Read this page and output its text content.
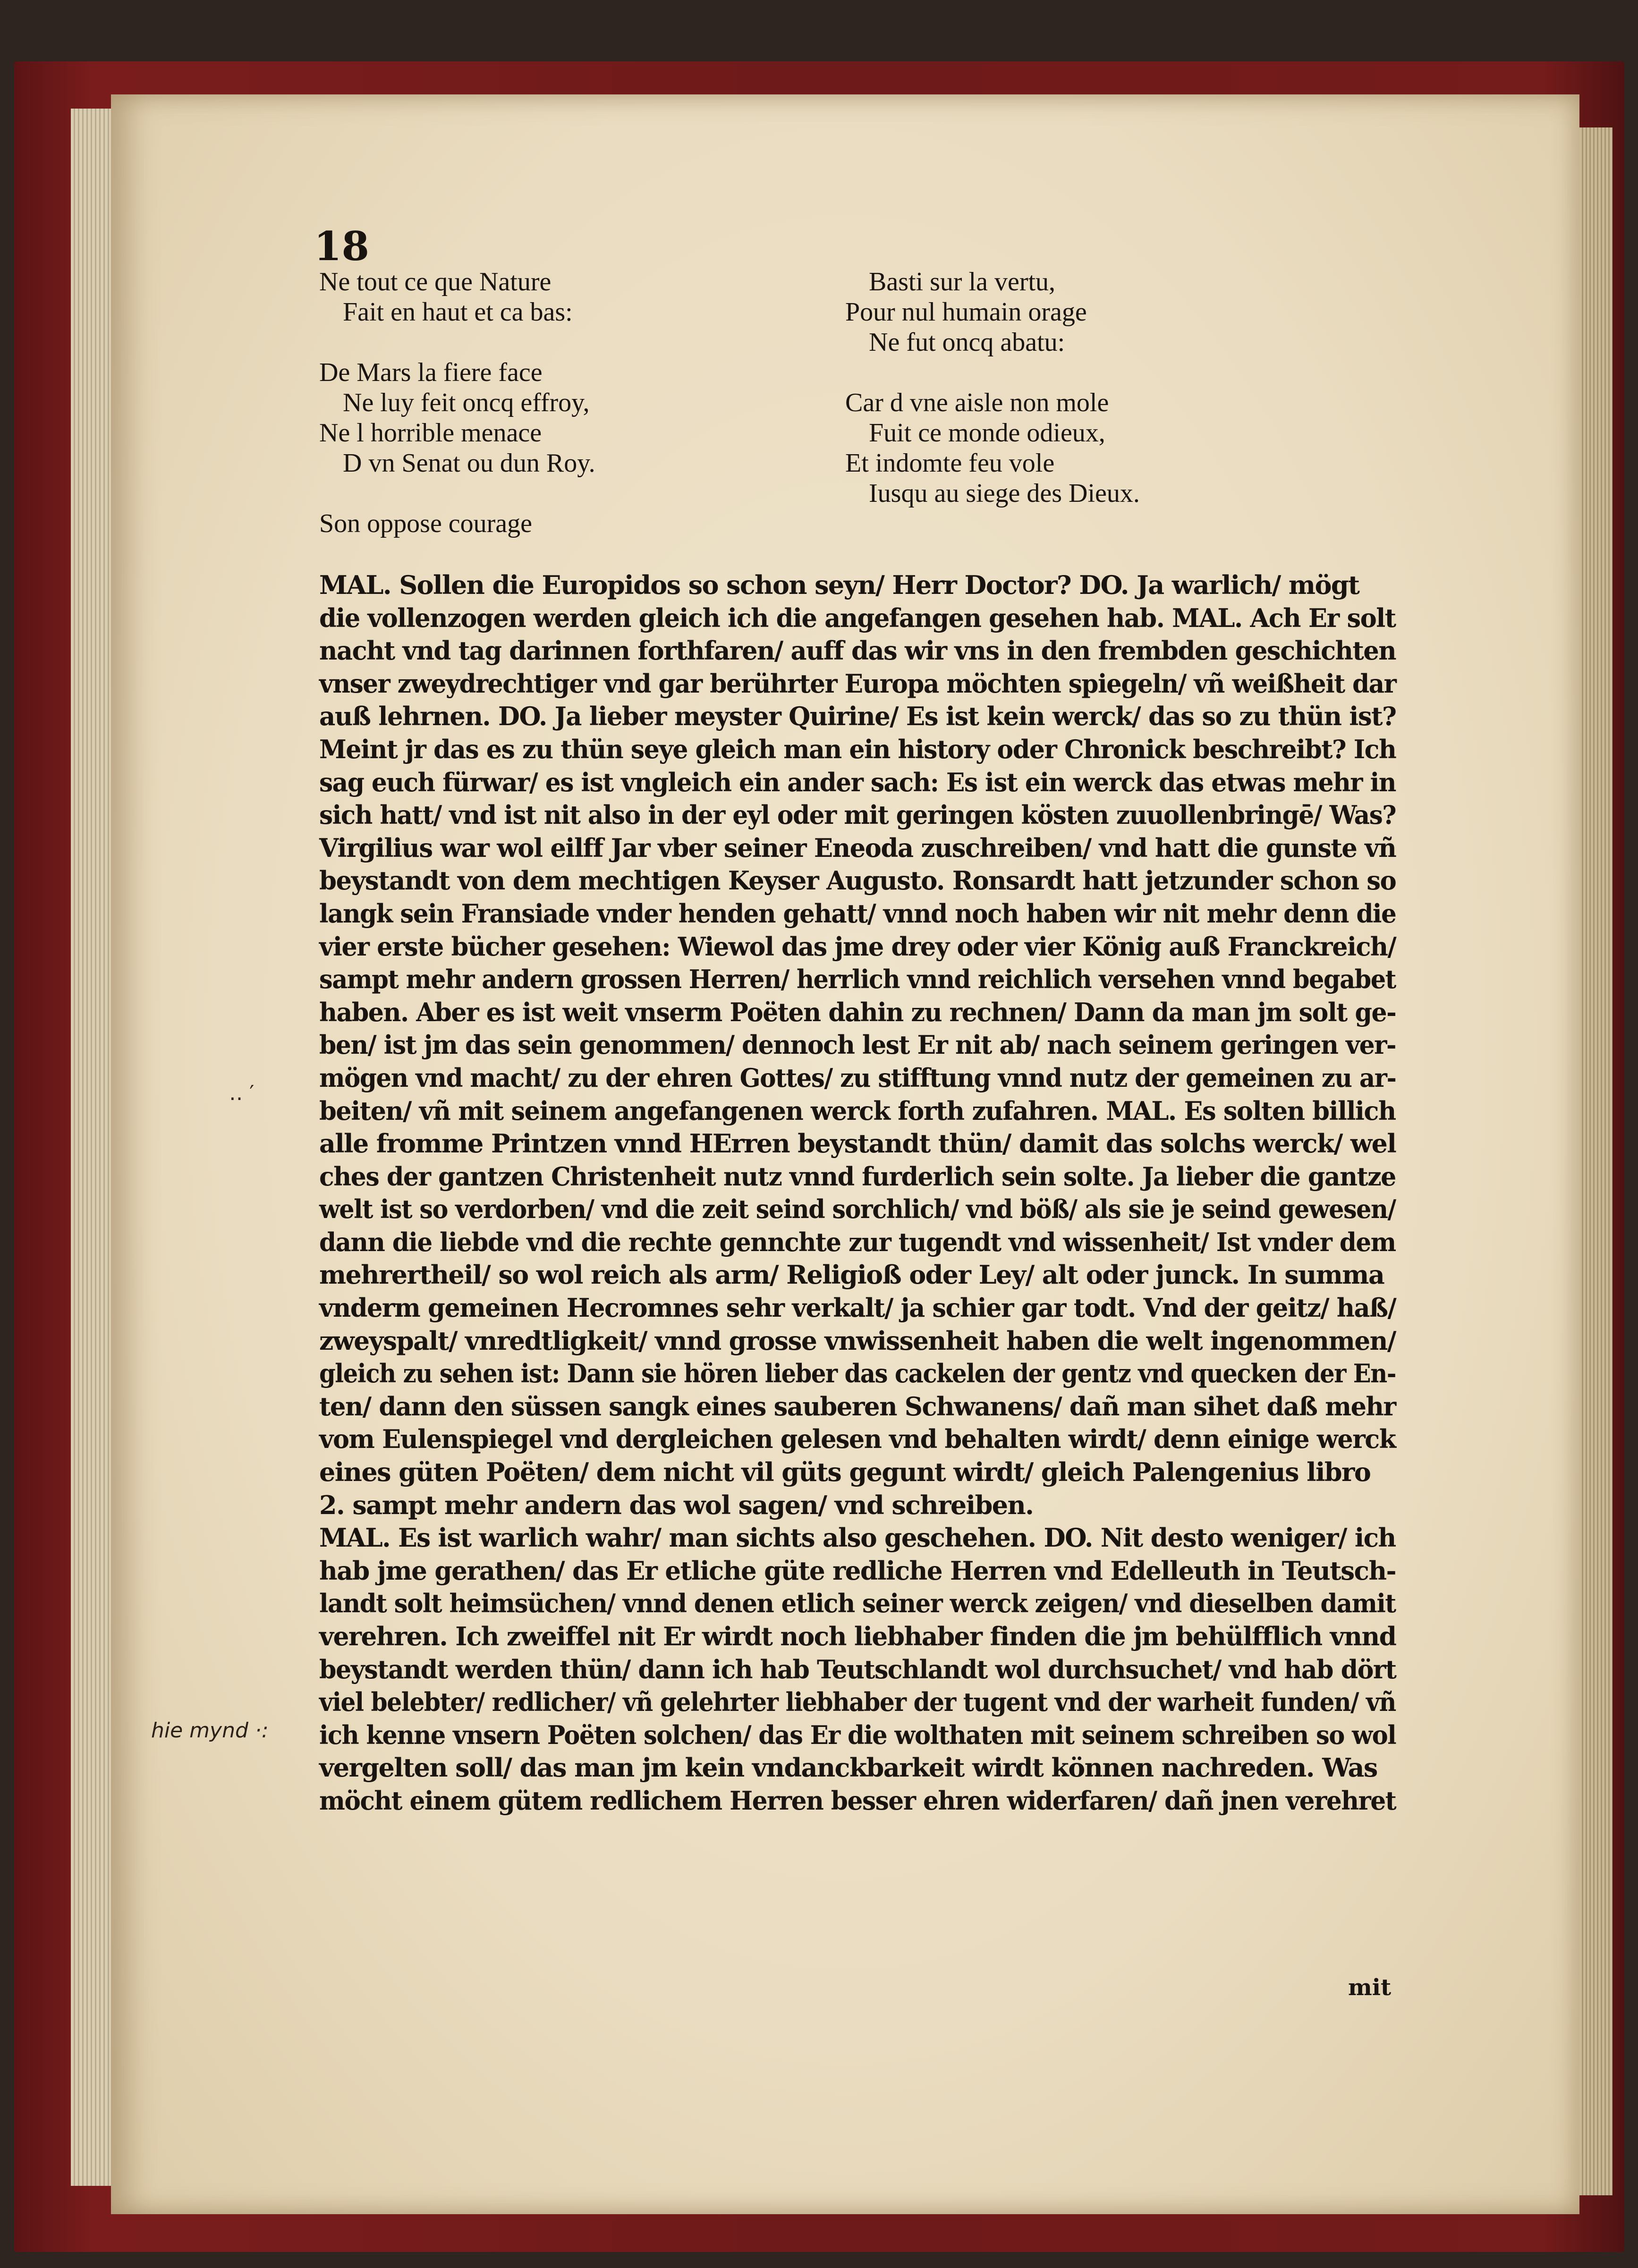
18
Ne tout ce que Nature
Fait en haut et ca bas:
De Mars la fiere face
Ne luy feit oncq effroy,
Ne l horrible menace
D vn Senat ou dun Roy.
Son oppose courage
Basti sur la vertu,
Pour nul humain orage
Ne fut oncq abatu:
Car d vne aisle non mole
Fuit ce monde odieux,
Et indomte feu vole
Iusqu au siege des Dieux.
MAL. Sollen die Europidos so schon seyn/ Herr Doctor? DO. Ja warlich/ mögt
die vollenzogen werden gleich ich die angefangen gesehen hab. MAL. Ach Er solt
nacht vnd tag darinnen forthfaren/ auff das wir vns in den frembden geschichten
vnser zweydrechtiger vnd gar berührter Europa möchten spiegeln/ vñ weißheit dar
auß lehrnen. DO. Ja lieber meyster Quirine/ Es ist kein werck/ das so zu thün ist?
Meint jr das es zu thün seye gleich man ein history oder Chronick beschreibt? Ich
sag euch fürwar/ es ist vngleich ein ander sach: Es ist ein werck das etwas mehr in
sich hatt/ vnd ist nit also in der eyl oder mit geringen kösten zuuollenbringē/ Was?
Virgilius war wol eilff Jar vber seiner Eneoda zuschreiben/ vnd hatt die gunste vñ
beystandt von dem mechtigen Keyser Augusto. Ronsardt hatt jetzunder schon so
langk sein Fransiade vnder henden gehatt/ vnnd noch haben wir nit mehr denn die
vier erste bücher gesehen: Wiewol das jme drey oder vier König auß Franckreich/
sampt mehr andern grossen Herren/ herrlich vnnd reichlich versehen vnnd begabet
haben. Aber es ist weit vnserm Poëten dahin zu rechnen/ Dann da man jm solt ge-
ben/ ist jm das sein genommen/ dennoch lest Er nit ab/ nach seinem geringen ver-
mögen vnd macht/ zu der ehren Gottes/ zu stifftung vnnd nutz der gemeinen zu ar-
beiten/ vñ mit seinem angefangenen werck forth zufahren. MAL. Es solten billich
alle fromme Printzen vnnd HErren beystandt thün/ damit das solchs werck/ wel
ches der gantzen Christenheit nutz vnnd furderlich sein solte. Ja lieber die gantze
welt ist so verdorben/ vnd die zeit seind sorchlich/ vnd böß/ als sie je seind gewesen/
dann die liebde vnd die rechte gennchte zur tugendt vnd wissenheit/ Ist vnder dem
mehrertheil/ so wol reich als arm/ Religioß oder Ley/ alt oder junck. In summa
vnderm gemeinen Hecromnes sehr verkalt/ ja schier gar todt. Vnd der geitz/ haß/
zweyspalt/ vnredtligkeit/ vnnd grosse vnwissenheit haben die welt ingenommen/
gleich zu sehen ist: Dann sie hören lieber das cackelen der gentz vnd quecken der En-
ten/ dann den süssen sangk eines sauberen Schwanens/ dañ man sihet daß mehr
vom Eulenspiegel vnd dergleichen gelesen vnd behalten wirdt/ denn einige werck
eines güten Poëten/ dem nicht vil güts gegunt wirdt/ gleich Palengenius libro
2. sampt mehr andern das wol sagen/ vnd schreiben.
MAL. Es ist warlich wahr/ man sichts also geschehen. DO. Nit desto weniger/ ich
hab jme gerathen/ das Er etliche güte redliche Herren vnd Edelleuth in Teutsch-
landt solt heimsüchen/ vnnd denen etlich seiner werck zeigen/ vnd dieselben damit
verehren. Ich zweiffel nit Er wirdt noch liebhaber finden die jm behülfflich vnnd
beystandt werden thün/ dann ich hab Teutschlandt wol durchsuchet/ vnd hab dört
viel belebter/ redlicher/ vñ gelehrter liebhaber der tugent vnd der warheit funden/ vñ
ich kenne vnsern Poëten solchen/ das Er die wolthaten mit seinem schreiben so wol
vergelten soll/ das man jm kein vndanckbarkeit wirdt können nachreden. Was
möcht einem gütem redlichem Herren besser ehren widerfaren/ dañ jnen verehret
mit
‥ ′
hie mynd ·:
